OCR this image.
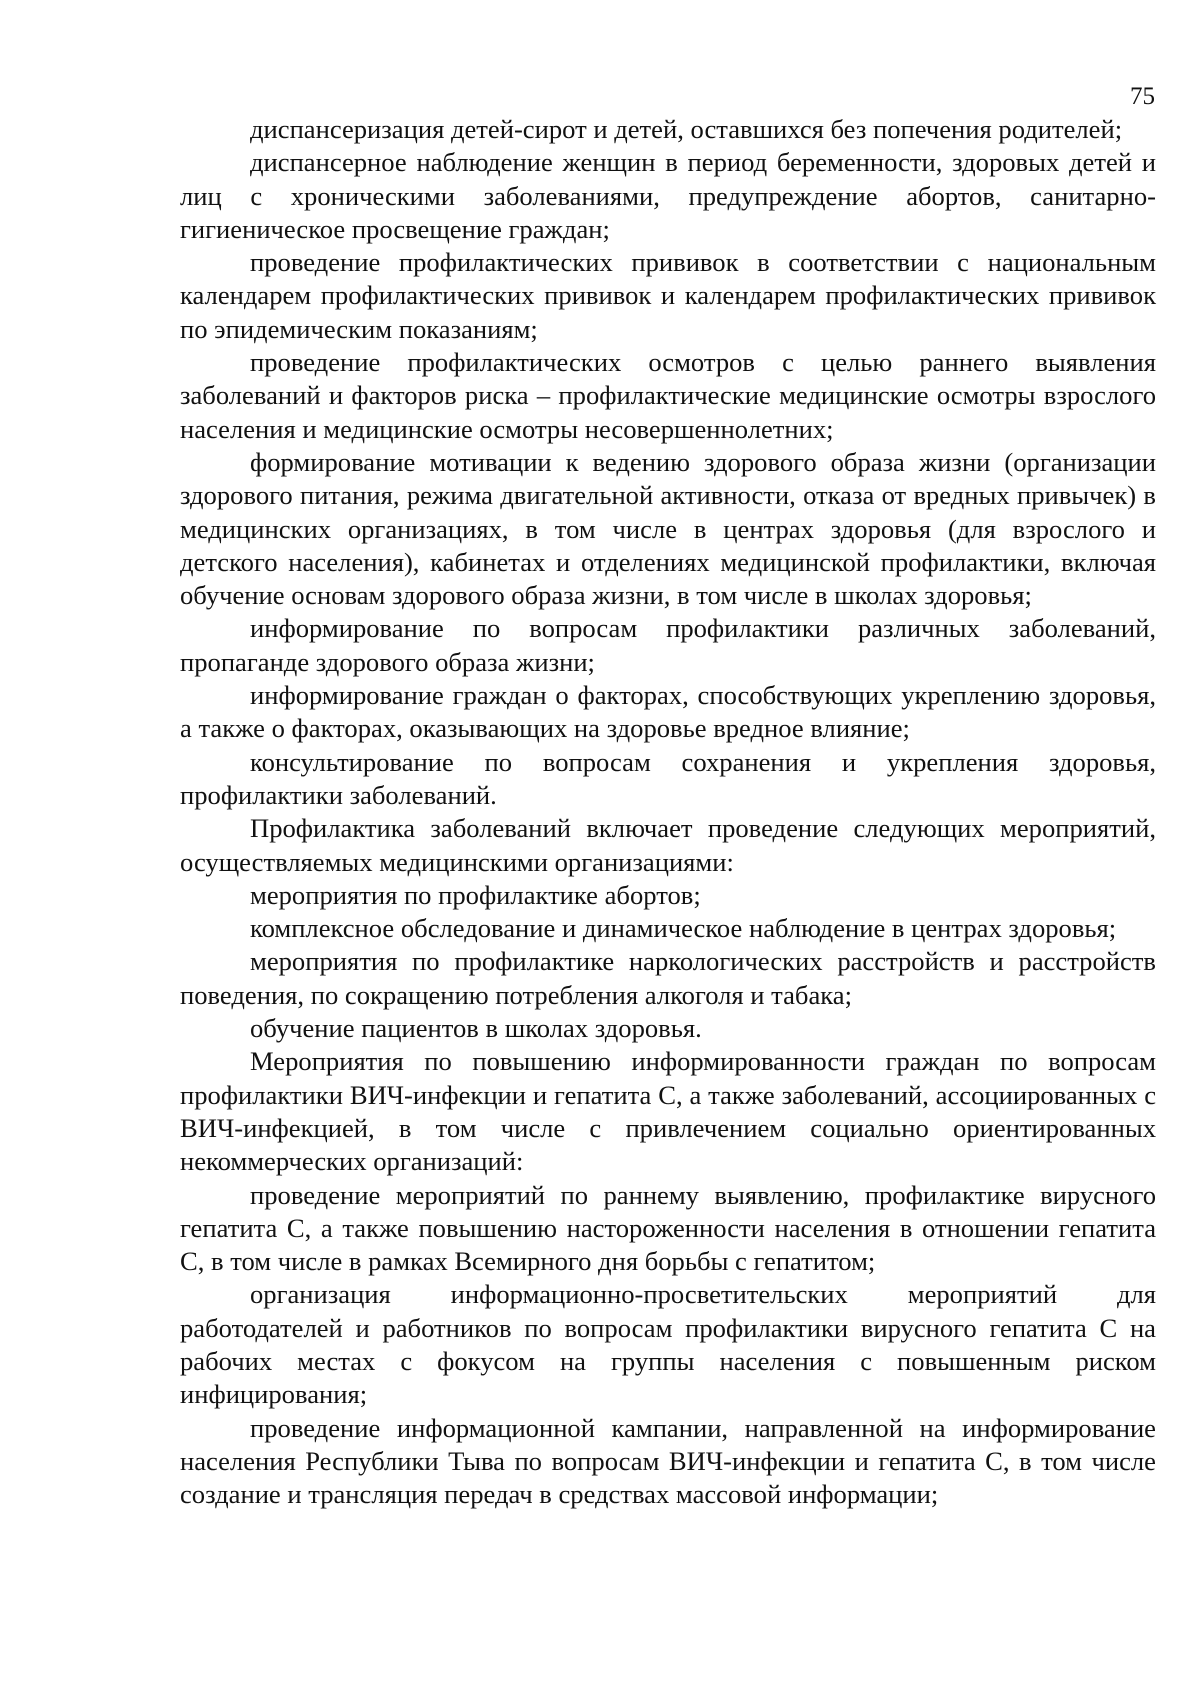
75

диспансеризация детей-сирот и детей, оставшихся без попечения родителей;

диспансерное наблюдение женщин в период беременности, здоровых детей и лиц с хроническими заболеваниями, предупреждение абортов, санитарно-гигиеническое просвещение граждан;

проведение профилактических прививок в соответствии с национальным календарем профилактических прививок и календарем профилактических прививок по эпидемическим показаниям;

проведение профилактических осмотров с целью раннего выявления заболеваний и факторов риска – профилактические медицинские осмотры взрослого населения и медицинские осмотры несовершеннолетних;

формирование мотивации к ведению здорового образа жизни (организации здорового питания, режима двигательной активности, отказа от вредных привычек) в медицинских организациях, в том числе в центрах здоровья (для взрослого и детского населения), кабинетах и отделениях медицинской профилактики, включая обучение основам здорового образа жизни, в том числе в школах здоровья;

информирование по вопросам профилактики различных заболеваний, пропаганде здорового образа жизни;

информирование граждан о факторах, способствующих укреплению здоровья, а также о факторах, оказывающих на здоровье вредное влияние;

консультирование по вопросам сохранения и укрепления здоровья, профилактики заболеваний.

Профилактика заболеваний включает проведение следующих мероприятий, осуществляемых медицинскими организациями:

мероприятия по профилактике абортов;

комплексное обследование и динамическое наблюдение в центрах здоровья;

мероприятия по профилактике наркологических расстройств и расстройств поведения, по сокращению потребления алкоголя и табака;

обучение пациентов в школах здоровья.

Мероприятия по повышению информированности граждан по вопросам профилактики ВИЧ-инфекции и гепатита С, а также заболеваний, ассоциированных с ВИЧ-инфекцией, в том числе с привлечением социально ориентированных некоммерческих организаций:

проведение мероприятий по раннему выявлению, профилактике вирусного гепатита С, а также повышению настороженности населения в отношении гепатита С, в том числе в рамках Всемирного дня борьбы с гепатитом;

организация информационно-просветительских мероприятий для работодателей и работников по вопросам профилактики вирусного гепатита С на рабочих местах с фокусом на группы населения с повышенным риском инфицирования;

проведение информационной кампании, направленной на информирование населения Республики Тыва по вопросам ВИЧ-инфекции и гепатита С, в том числе создание и трансляция передач в средствах массовой информации;
